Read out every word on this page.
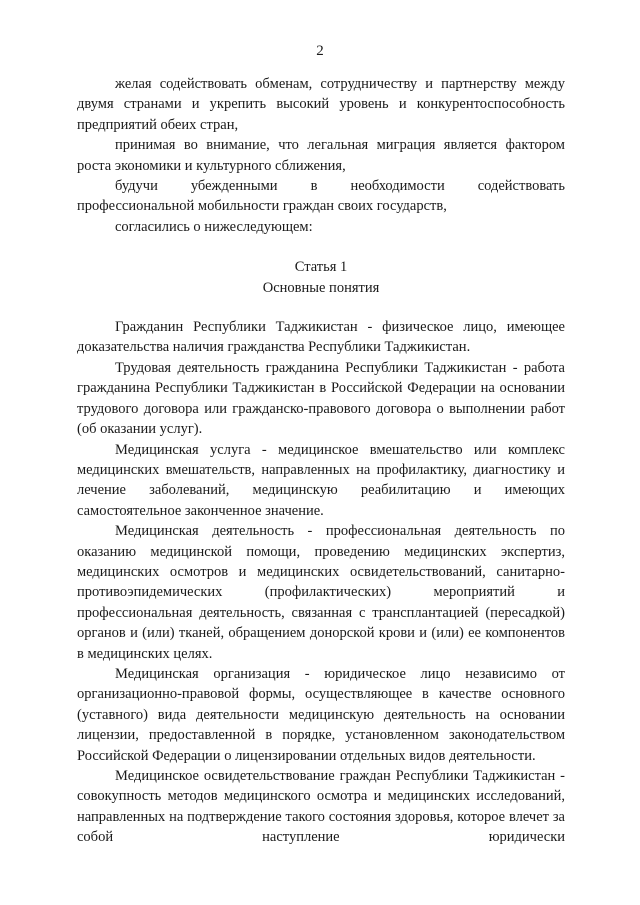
2

желая содействовать обменам, сотрудничеству и партнерству между двумя странами и укрепить высокий уровень и конкурентоспособность предприятий обеих стран,

принимая во внимание, что легальная миграция является фактором роста экономики и культурного сближения,

будучи убежденными в необходимости содействовать профессиональной мобильности граждан своих государств,

согласились о нижеследующем:

Статья 1

Основные понятия

Гражданин Республики Таджикистан - физическое лицо, имеющее доказательства наличия гражданства Республики Таджикистан.

Трудовая деятельность гражданина Республики Таджикистан - работа гражданина Республики Таджикистан в Российской Федерации на основании трудового договора или гражданско-правового договора о выполнении работ (об оказании услуг).

Медицинская услуга - медицинское вмешательство или комплекс медицинских вмешательств, направленных на профилактику, диагностику и лечение заболеваний, медицинскую реабилитацию и имеющих самостоятельное законченное значение.

Медицинская деятельность - профессиональная деятельность по оказанию медицинской помощи, проведению медицинских экспертиз, медицинских осмотров и медицинских освидетельствований, санитарно-противоэпидемических (профилактических) мероприятий и профессиональная деятельность, связанная с трансплантацией (пересадкой) органов и (или) тканей, обращением донорской крови и (или) ее компонентов в медицинских целях.

Медицинская организация - юридическое лицо независимо от организационно-правовой формы, осуществляющее в качестве основного (уставного) вида деятельности медицинскую деятельность на основании лицензии, предоставленной в порядке, установленном законодательством Российской Федерации о лицензировании отдельных видов деятельности.

Медицинское освидетельствование граждан Республики Таджикистан - совокупность методов медицинского осмотра и медицинских исследований, направленных на подтверждение такого состояния здоровья, которое влечет за собой наступление юридически
